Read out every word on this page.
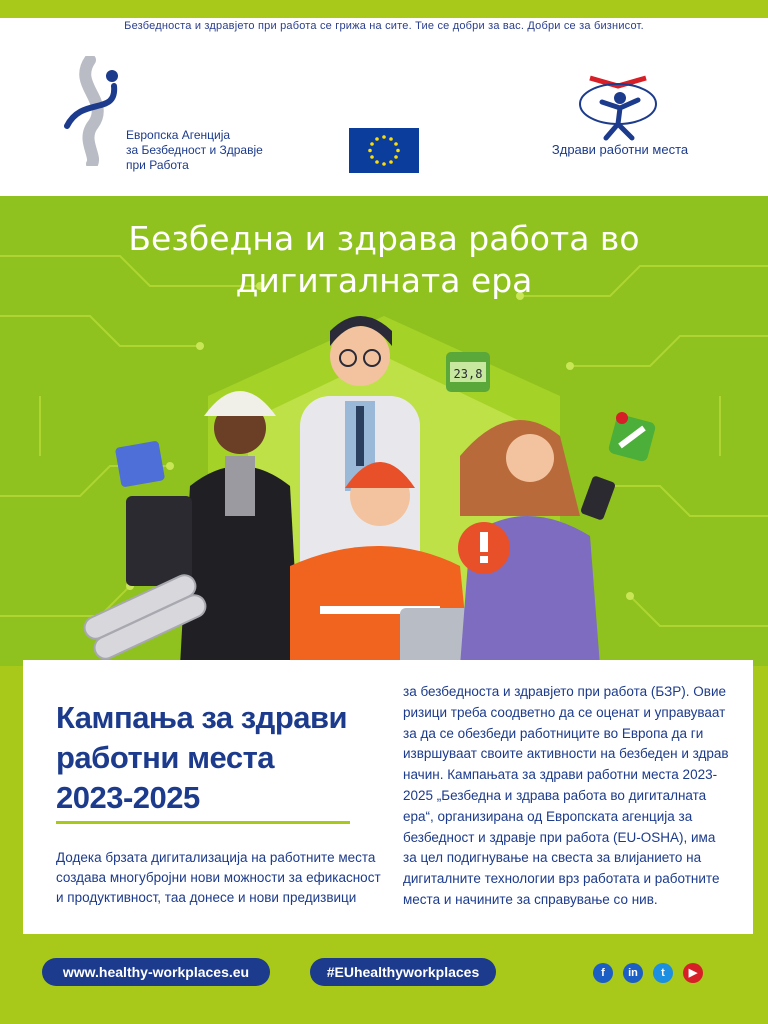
Безбедноста и здравјето при работа се грижа на сите. Тие се добри за вас. Добри се за бизнисот.
Европска Агенција
за Безбедност и Здравје
при Работа
Здрави работни места
23,8
Безбедна и здрава работа во
дигиталната ера
Кампања за здрави
работни места
2023-2025
Додека брзата дигитализација на работните места
создава многубројни нови можности за ефикасност
и продуктивност, таа донесе и нови предизвици
за безбедноста и здравјето при работа (БЗР). Овие
ризици треба соодветно да се оценат и управуваат
за да се обезбеди работниците во Европа да ги
извршуваат своите активности на безбеден и здрав
начин. Кампањата за здрави работни места 2023-
2025 „Безбедна и здрава работа во дигиталната
ера“, организирана од Европската агенција за
безбедност и здравје при работа (EU-OSHA), има
за цел подигнување на свеста за влијанието на
дигиталните технологии врз работата и работните
места и начините за справување со нив.
www.healthy-workplaces.eu	#EUhealthyworkplaces	f	in	t	▶
